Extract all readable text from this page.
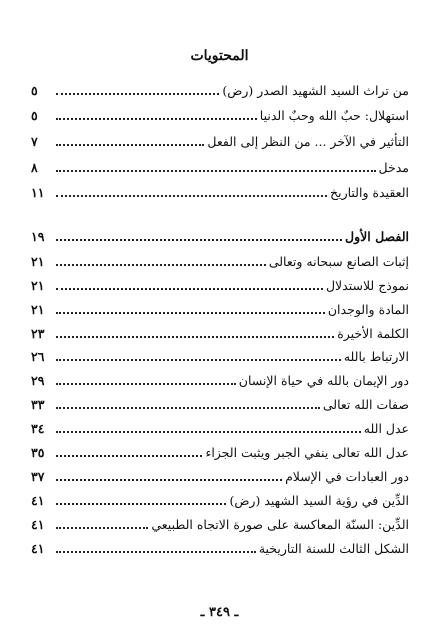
المحتويات
من تراث السيد الشهيد الصدر (رض)
٥
استهلال: حبٌ الله وحبٌ الدنيا
٥
التأثير في الآخر ... من النظر إلى الفعل
٧
مدخل
٨
العقيدة والتاريخ
١١
الفصل الأول
١٩
إثبات الصانع سبحانه وتعالى
٢١
نموذج للاستدلال
٢١
المادة والوجدان
٢١
الكلمة الأخيرة
٢٣
الارتباط بالله
٢٦
دور الإيمان بالله في حياة الإنسان
٢٩
صفات الله تعالى
٣٣
عدل الله
٣٤
عدل الله تعالى ينفي الجبر ويثبت الجزاء
٣٥
دور العبادات في الإسلام
٣٧
الدِّين في رؤية السيد الشهيد (رض)
٤١
الدِّين: السنّة المعاكسة على صورة الاتجاه الطبيعي
٤١
الشكل الثالث للسنة التاريخية
٤١
ـ ٣٤٩ ـ
